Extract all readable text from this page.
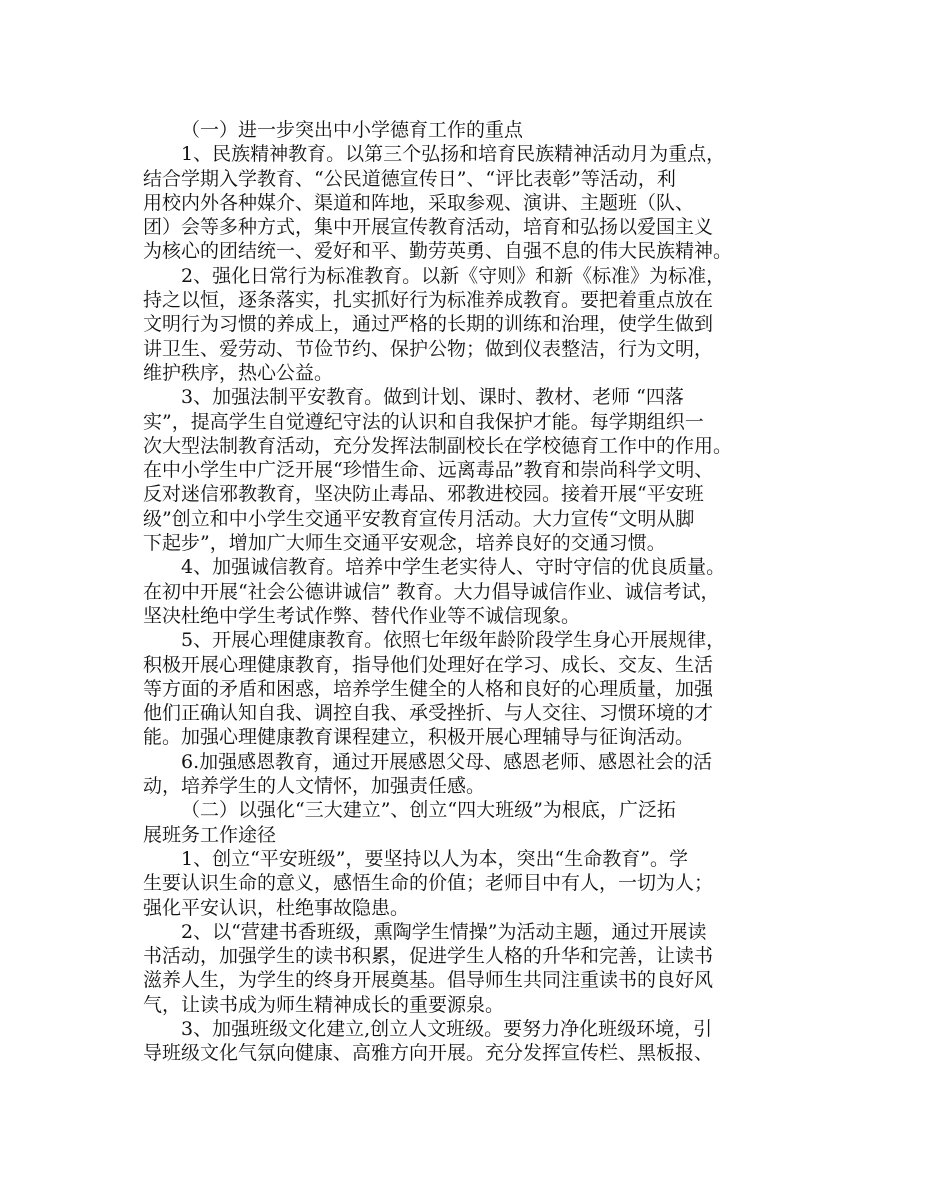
（一）进一步突出中小学德育工作的重点
1、民族精神教育。以第三个弘扬和培育民族精神活动月为重点，
结合学期入学教育、“公民道德宣传日”、“评比表彰”等活动，利
用校内外各种媒介、渠道和阵地，采取参观、演讲、主题班（队、
团）会等多种方式，集中开展宣传教育活动，培育和弘扬以爱国主义
为核心的团结统一、爱好和平、勤劳英勇、自强不息的伟大民族精神。
2、强化日常行为标准教育。以新《守则》和新《标准》为标准，
持之以恒，逐条落实，扎实抓好行为标准养成教育。要把着重点放在
文明行为习惯的养成上，通过严格的长期的训练和治理，使学生做到
讲卫生、爱劳动、节俭节约、保护公物；做到仪表整洁，行为文明，
维护秩序，热心公益。
3、加强法制平安教育。做到计划、课时、教材、老师 “四落
实”，提高学生自觉遵纪守法的认识和自我保护才能。每学期组织一
次大型法制教育活动，充分发挥法制副校长在学校德育工作中的作用。
在中小学生中广泛开展“珍惜生命、远离毒品”教育和崇尚科学文明、
反对迷信邪教教育，坚决防止毒品、邪教进校园。接着开展“平安班
级”创立和中小学生交通平安教育宣传月活动。大力宣传“文明从脚
下起步”，增加广大师生交通平安观念，培养良好的交通习惯。
4、加强诚信教育。培养中学生老实待人、守时守信的优良质量。
在初中开展“社会公德讲诚信” 教育。大力倡导诚信作业、诚信考试，
坚决杜绝中学生考试作弊、替代作业等不诚信现象。
5、开展心理健康教育。依照七年级年龄阶段学生身心开展规律，
积极开展心理健康教育，指导他们处理好在学习、成长、交友、生活
等方面的矛盾和困惑，培养学生健全的人格和良好的心理质量，加强
他们正确认知自我、调控自我、承受挫折、与人交往、习惯环境的才
能。加强心理健康教育课程建立，积极开展心理辅导与征询活动。
6.加强感恩教育，通过开展感恩父母、感恩老师、感恩社会的活
动，培养学生的人文情怀，加强责任感。
（二）以强化“三大建立”、创立“四大班级”为根底，广泛拓
展班务工作途径
1、创立“平安班级”，要坚持以人为本，突出“生命教育”。学
生要认识生命的意义，感悟生命的价值；老师目中有人，一切为人；
强化平安认识，杜绝事故隐患。
2、以“营建书香班级，熏陶学生情操”为活动主题，通过开展读
书活动，加强学生的读书积累，促进学生人格的升华和完善，让读书
滋养人生，为学生的终身开展奠基。倡导师生共同注重读书的良好风
气，让读书成为师生精神成长的重要源泉。
3、加强班级文化建立,创立人文班级。要努力净化班级环境，引
导班级文化气氛向健康、高雅方向开展。充分发挥宣传栏、黑板报、
